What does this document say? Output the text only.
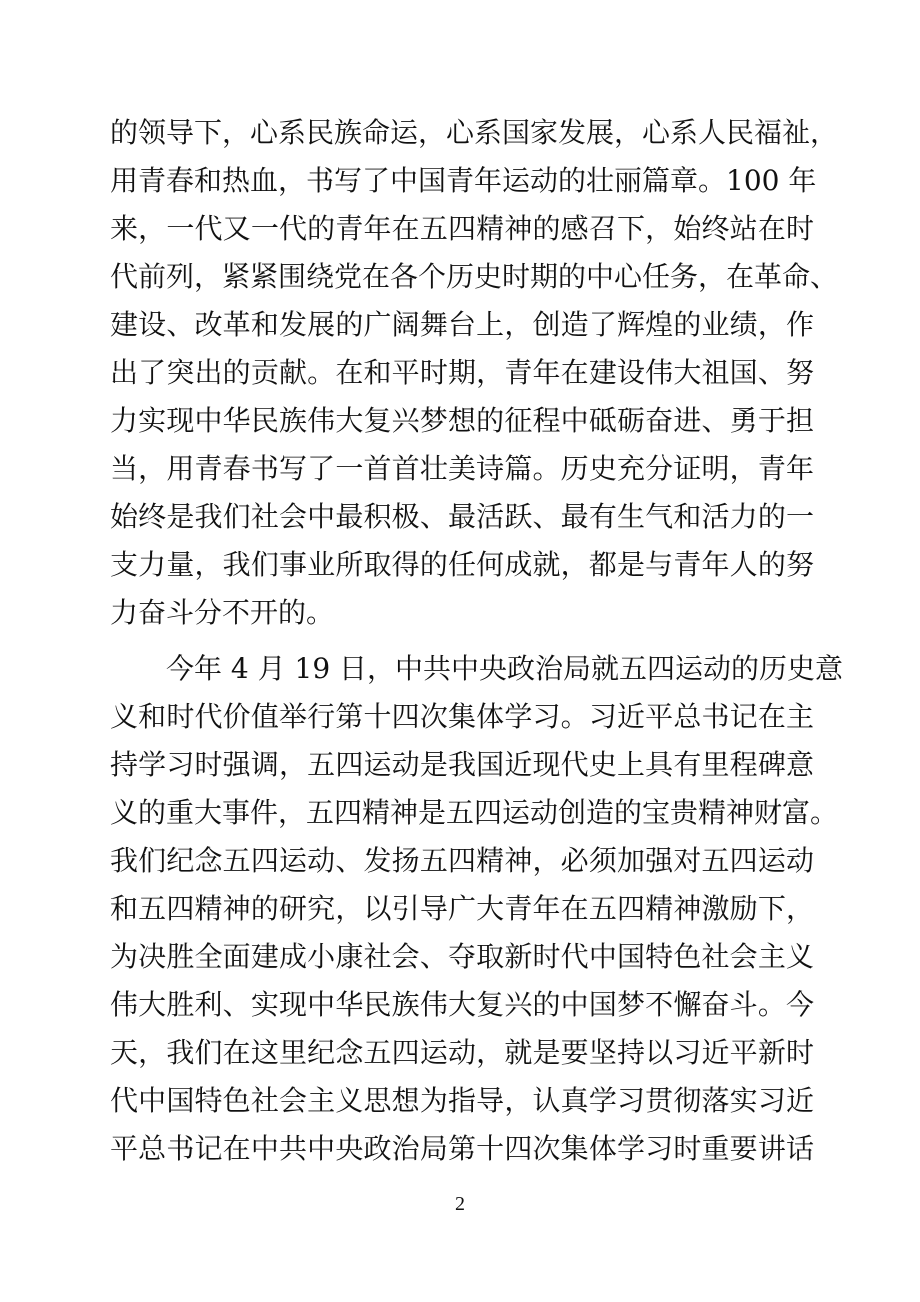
的领导下，心系民族命运，心系国家发展，心系人民福祉，
用青春和热血，书写了中国青年运动的壮丽篇章。100 年
来，一代又一代的青年在五四精神的感召下，始终站在时
代前列，紧紧围绕党在各个历史时期的中心任务，在革命、
建设、改革和发展的广阔舞台上，创造了辉煌的业绩，作
出了突出的贡献。在和平时期，青年在建设伟大祖国、努
力实现中华民族伟大复兴梦想的征程中砥砺奋进、勇于担
当，用青春书写了一首首壮美诗篇。历史充分证明，青年
始终是我们社会中最积极、最活跃、最有生气和活力的一
支力量，我们事业所取得的任何成就，都是与青年人的努
力奋斗分不开的。
今年 4 月 19 日，中共中央政治局就五四运动的历史意
义和时代价值举行第十四次集体学习。习近平总书记在主
持学习时强调，五四运动是我国近现代史上具有里程碑意
义的重大事件，五四精神是五四运动创造的宝贵精神财富。
我们纪念五四运动、发扬五四精神，必须加强对五四运动
和五四精神的研究，以引导广大青年在五四精神激励下，
为决胜全面建成小康社会、夺取新时代中国特色社会主义
伟大胜利、实现中华民族伟大复兴的中国梦不懈奋斗。今
天，我们在这里纪念五四运动，就是要坚持以习近平新时
代中国特色社会主义思想为指导，认真学习贯彻落实习近
平总书记在中共中央政治局第十四次集体学习时重要讲话
2
